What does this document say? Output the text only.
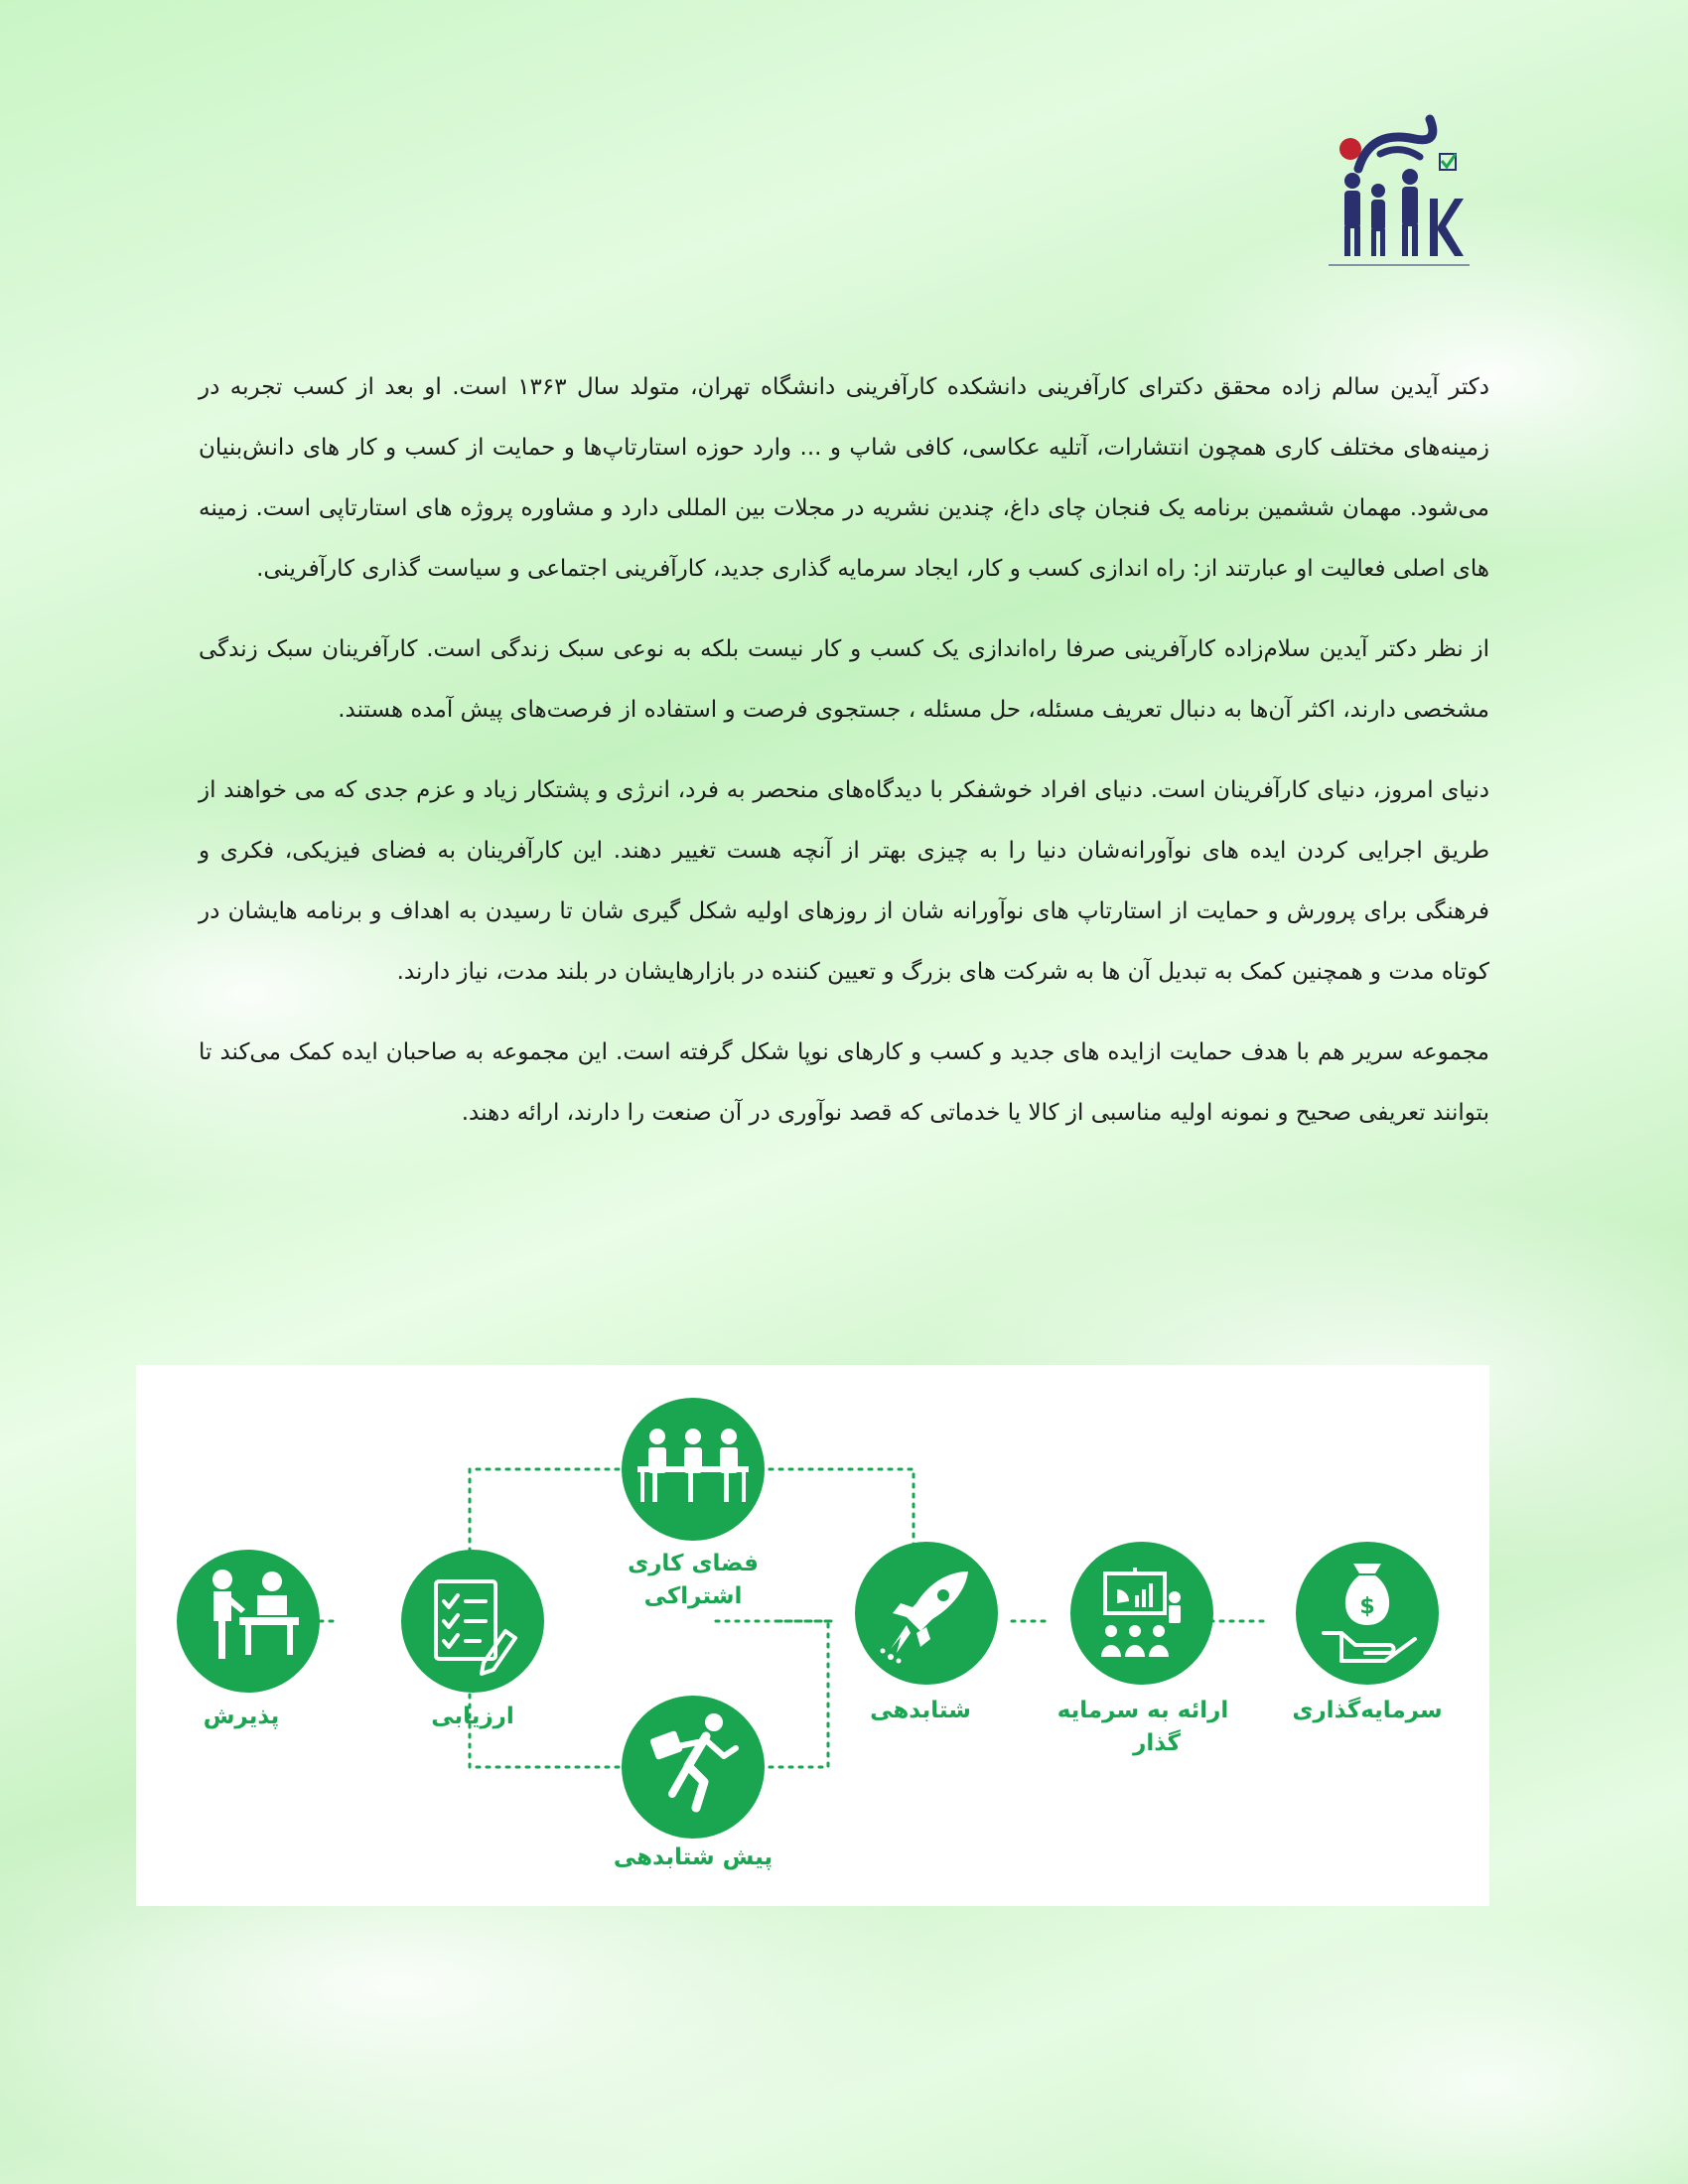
دکتر آیدین سالم زاده محقق دکترای کارآفرینی دانشکده کارآفرینی دانشگاه تهران، متولد سال ۱۳۶۳ است. او بعد از کسب تجربه در زمینه‌های مختلف کاری همچون انتشارات، آتلیه عکاسی، کافی شاپ و ... وارد حوزه استارتاپ‌ها و حمایت از کسب و کار های دانش‌بنیان می‌شود. مهمان ششمین برنامه یک فنجان چای داغ، چندین نشریه در مجلات بین المللی دارد و مشاوره پروژه های استارتاپی است. زمینه های اصلی فعالیت او عبارتند از: راه اندازی کسب و کار، ایجاد سرمایه گذاری جدید، کارآفرینی اجتماعی و سیاست گذاری کارآفرینی.

از نظر دکتر آیدین سلام‌زاده کارآفرینی صرفا راه‌اندازی یک کسب و کار نیست بلکه به نوعی سبک زندگی است. کارآفرینان سبک زندگی مشخصی دارند، اکثر آن‌ها به دنبال تعریف مسئله، حل مسئله ، جستجوی فرصت و استفاده از فرصت‌های پیش آمده هستند.

دنیای امروز، دنیای کارآفرینان است. دنیای افراد خوشفکر با دیدگاه‌های منحصر به فرد، انرژی و پشتکار زیاد و عزم جدی که می خواهند از طریق اجرایی کردن ایده های نوآورانه‌شان دنیا را به چیزی بهتر از آنچه هست تغییر دهند. این کارآفرینان به فضای فیزیکی، فکری و فرهنگی برای پرورش و حمایت از استارتاپ های نوآورانه شان از روزهای اولیه شکل گیری شان تا رسیدن به اهداف و برنامه هایشان در کوتاه مدت و همچنین کمک به تبدیل آن ها به شرکت های بزرگ و تعیین کننده در بازارهایشان در بلند مدت، نیاز دارند.

مجموعه سریر هم با هدف حمایت ازایده های جدید و کسب و کارهای نوپا شکل گرفته است. این مجموعه به صاحبان ایده کمک می‌کند تا بتوانند تعریفی صحیح و نمونه اولیه مناسبی از کالا یا خدماتی که قصد نوآوری در آن صنعت را دارند، ارائه دهند.

پذیرش	ارزیابی
فضای کاری
اشتراکی
پیش شتابدهی
شتابدهی	ارائه به سرمایه
گذار
$
سرمایه‌گذاری
